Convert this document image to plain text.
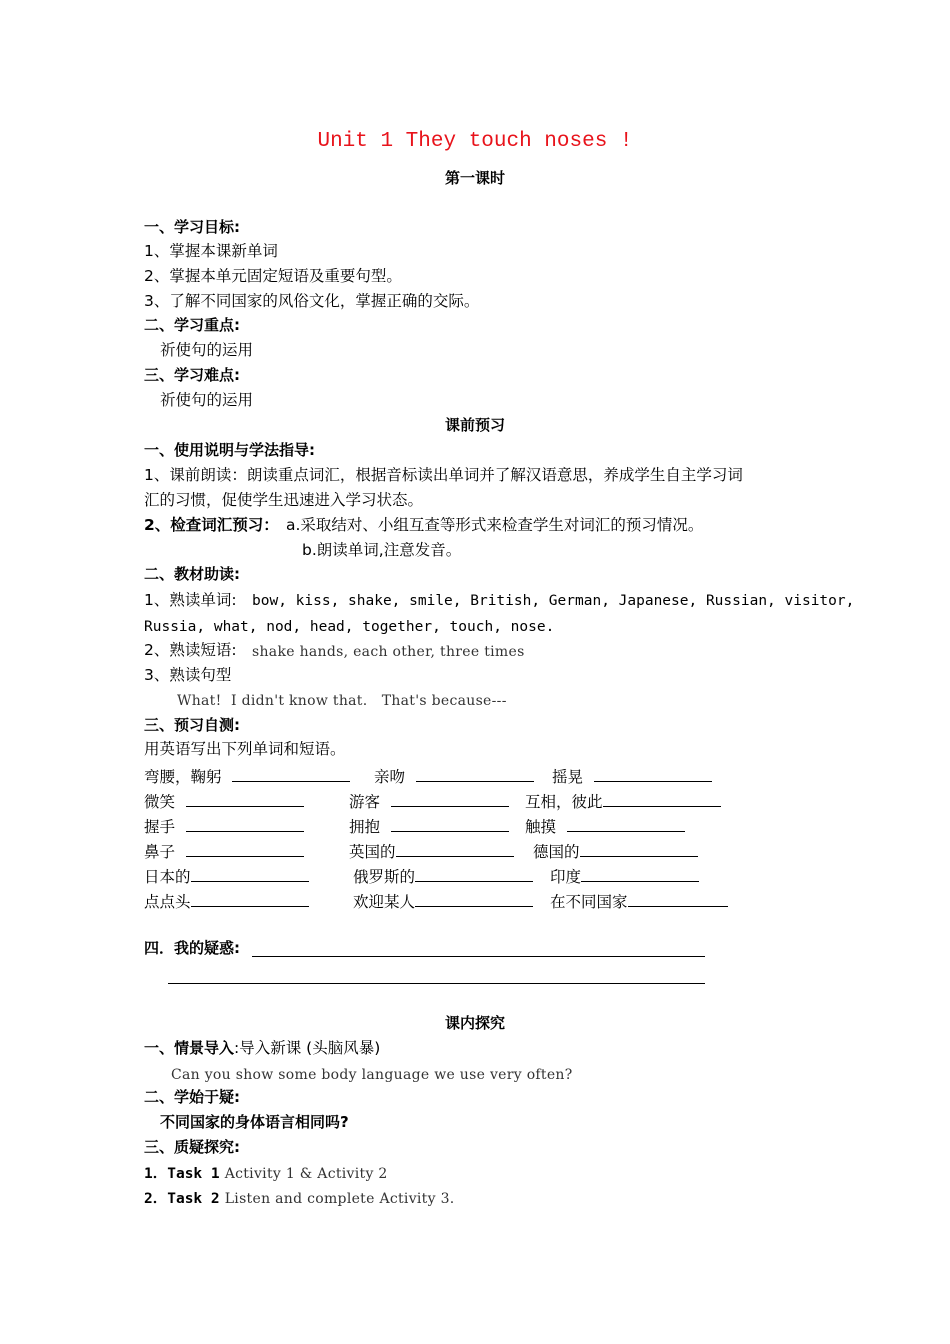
Unit 1 They touch noses !
第一课时
一、学习目标:
1、掌握本课新单词
2、掌握本单元固定短语及重要句型。
3、了解不同国家的风俗文化，掌握正确的交际。
二、学习重点:
祈使句的运用
三、学习难点:
祈使句的运用
课前预习
一、使用说明与学法指导:
1、课前朗读：朗读重点词汇，根据音标读出单词并了解汉语意思，养成学生自主学习词
汇的习惯，促使学生迅速进入学习状态。
2、检查词汇预习： a.采取结对、小组互查等形式来检查学生对词汇的预习情况。
b.朗读单词,注意发音。
二、教材助读:
1、熟读单词: bow, kiss, shake, smile, British, German, Japanese, Russian, visitor,
Russia, what, nod, head, together, touch, nose.
2、熟读短语: shake hands, each other, three times
3、熟读句型
What!  I didn't know that.   That's because---
三、预习自测:
用英语写出下列单词和短语。
弯腰，鞠躬	亲吻	摇晃
微笑	游客	互相，彼此
握手	拥抱	触摸
鼻子	英国的	德国的
日本的	俄罗斯的	印度
点点头	欢迎某人	在不同国家
四．我的疑惑:
课内探究
一、情景导入:导入新课 (头脑风暴)
Can you show some body language we use very often?
二、学始于疑:
不同国家的身体语言相同吗?
三、质疑探究:
1．Task 1 Activity 1 & Activity 2
2．Task 2 Listen and complete Activity 3.
